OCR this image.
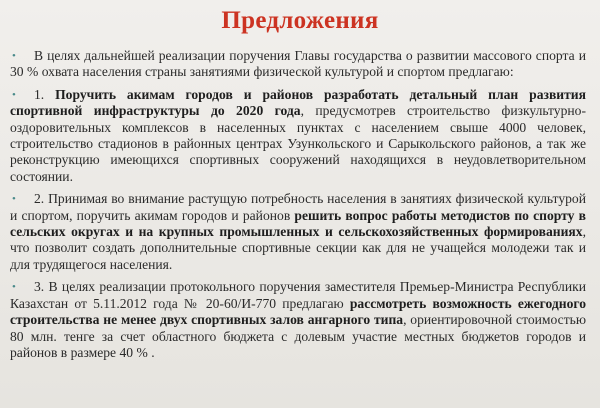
Предложения

• В целях дальнейшей реализации поручения Главы государства о развитии массового спорта и 30 % охвата населения страны занятиями физической культурой и спортом предлагаю:

• 1. Поручить акимам городов и районов разработать детальный план развития спортивной инфраструктуры до 2020 года, предусмотрев строительство физкультурно-оздоровительных комплексов в населенных пунктах с населением свыше 4000 человек, строительство стадионов в районных центрах Узункольского и Сарыкольского районов, а так же реконструкцию имеющихся спортивных сооружений находящихся в неудовлетворительном состоянии.

• 2. Принимая во внимание растущую потребность населения в занятиях физической культурой и спортом, поручить акимам городов и районов решить вопрос работы методистов по спорту в сельских округах и на крупных промышленных и сельскохозяйственных формированиях, что позволит создать дополнительные спортивные секции как для не учащейся молодежи так и для трудящегося населения.

• 3. В целях реализации протокольного поручения заместителя Премьер-Министра Республики Казахстан от 5.11.2012 года № 20-60/И-770 предлагаю рассмотреть возможность ежегодного строительства не менее двух спортивных залов ангарного типа, ориентировочной стоимостью 80 млн. тенге за счет областного бюджета с долевым участие местных бюджетов городов и районов в размере 40 % .
